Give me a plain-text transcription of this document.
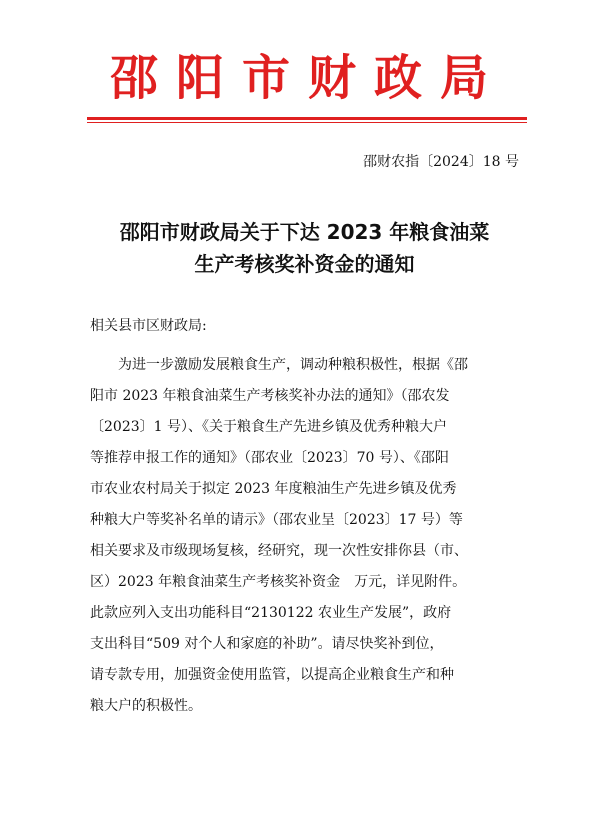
邵阳市财政局
邵财农指〔2024〕18 号
邵阳市财政局关于下达 2023 年粮食油菜
生产考核奖补资金的通知
相关县市区财政局:
为进一步激励发展粮食生产，调动种粮积极性，根据《邵
阳市 2023 年粮食油菜生产考核奖补办法的通知》（邵农发
〔2023〕1 号）、《关于粮食生产先进乡镇及优秀种粮大户
等推荐申报工作的通知》（邵农业〔2023〕70 号）、《邵阳
市农业农村局关于拟定 2023 年度粮油生产先进乡镇及优秀
种粮大户等奖补名单的请示》（邵农业呈〔2023〕17 号）等
相关要求及市级现场复核，经研究，现一次性安排你县（市、
区）2023 年粮食油菜生产考核奖补资金　万元，详见附件。
此款应列入支出功能科目“2130122 农业生产发展”，政府
支出科目“509 对个人和家庭的补助”。请尽快奖补到位，
请专款专用，加强资金使用监管，以提高企业粮食生产和种
粮大户的积极性。
